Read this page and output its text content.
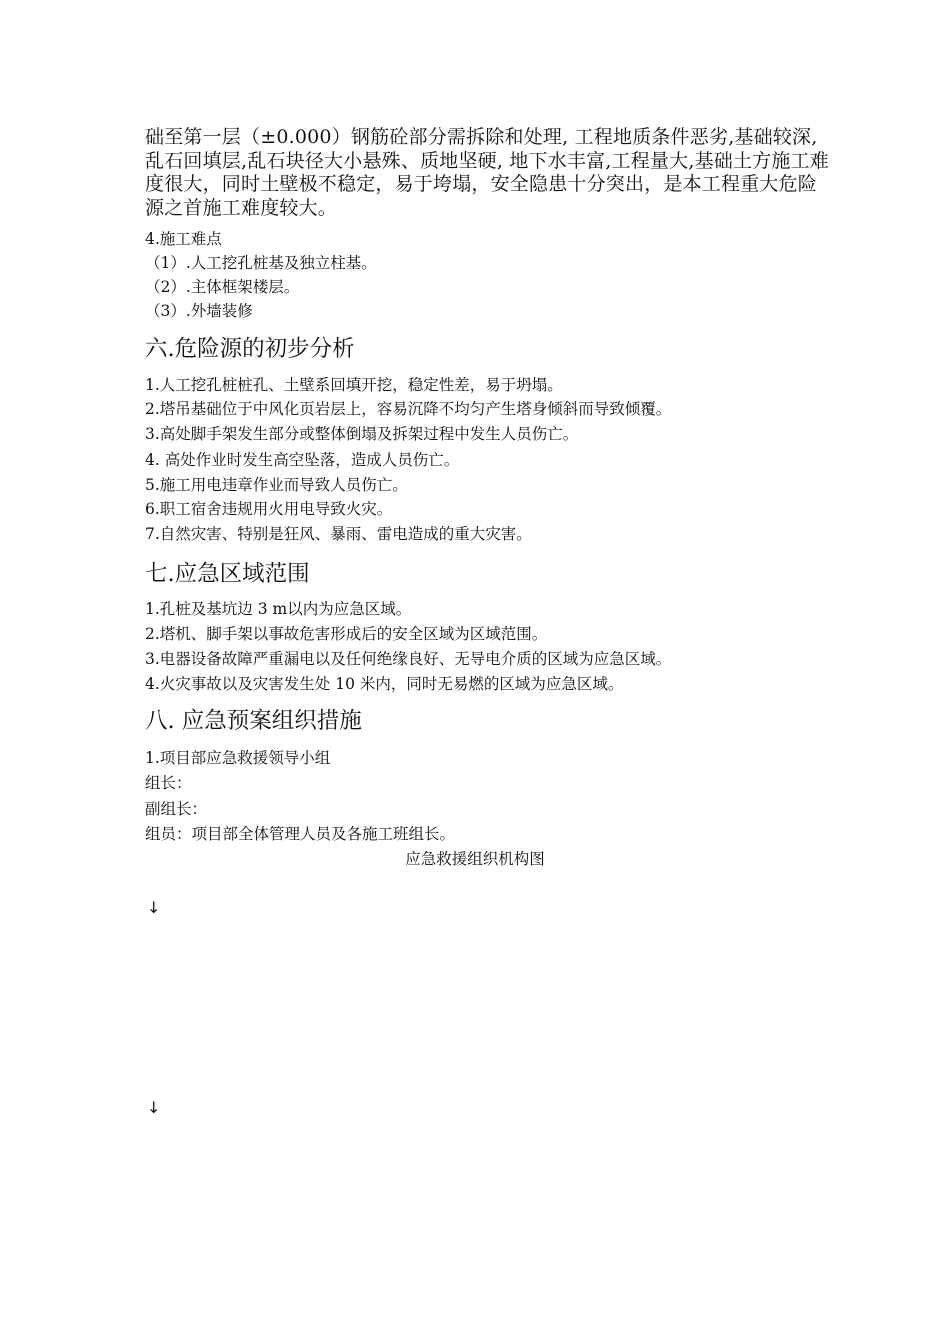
础至第一层（±0.000）钢筋砼部分需拆除和处理, 工程地质条件恶劣,基础较深,乱石回填层,乱石块径大小悬殊、质地坚硬, 地下水丰富,工程量大,基础土方施工难度很大，同时土壁极不稳定，易于垮塌，安全隐患十分突出，是本工程重大危险源之首施工难度较大。
4.施工难点
（1）.人工挖孔桩基及独立柱基。
（2）.主体框架楼层。
（3）.外墙装修
六.危险源的初步分析
1.人工挖孔桩桩孔、土壁系回填开挖，稳定性差，易于坍塌。
2.塔吊基础位于中风化页岩层上，容易沉降不均匀产生塔身倾斜而导致倾覆。
3.高处脚手架发生部分或整体倒塌及拆架过程中发生人员伤亡。
4. 高处作业时发生高空坠落，造成人员伤亡。
5.施工用电违章作业而导致人员伤亡。
6.职工宿舍违规用火用电导致火灾。
7.自然灾害、特别是狂风、暴雨、雷电造成的重大灾害。
七.应急区域范围
1.孔桩及基坑边 3 m以内为应急区域。
2.塔机、脚手架以事故危害形成后的安全区域为区域范围。
3.电器设备故障严重漏电以及任何绝缘良好、无导电介质的区域为应急区域。
4.火灾事故以及灾害发生处 10 米内，同时无易燃的区域为应急区域。
八. 应急预案组织措施
1.项目部应急救援领导小组
组长：
副组长：
组员：项目部全体管理人员及各施工班组长。
应急救援组织机构图
↓
↓
